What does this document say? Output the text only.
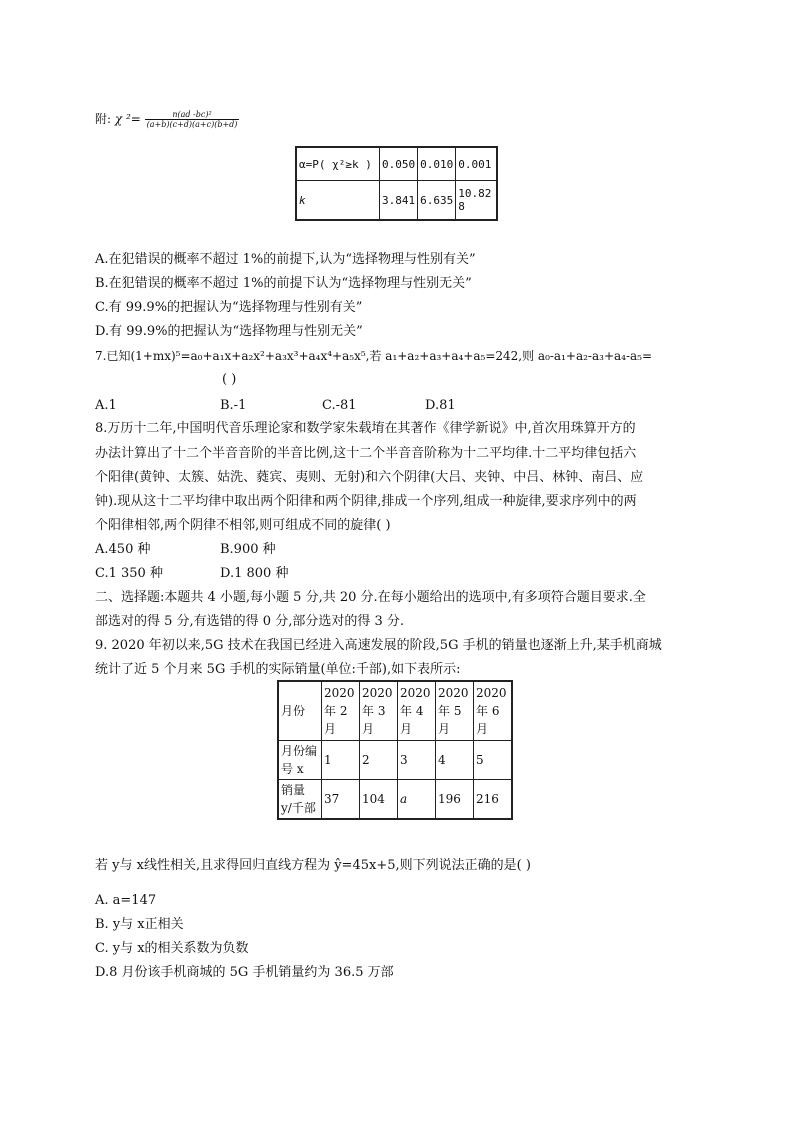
附: χ $^2= \frac{\text{n(ad -bc)²}}{(a+b)(c+d)(a+c)(b+d)}$
α=P( χ²≥k )	0.050	0.010	0.001
k	3.841	6.635	10.828
A.在犯错误的概率不超过 1%的前提下,认为“选择物理与性别有关”
B.在犯错误的概率不超过 1%的前提下认为“选择物理与性别无关”
C.有 99.9%的把握认为“选择物理与性别有关”
D.有 99.9%的把握认为“选择物理与性别无关”
7.已知(1+mx)⁵=a₀+a₁x+a₂x²+a₃x³+a₄x⁴+a₅x⁵,若 a₁+a₂+a₃+a₄+a₅=242,则 a₀-a₁+a₂-a₃+a₄-a₅=
( )
A.1	B.-1	C.-81	D.81
8.万历十二年,中国明代音乐理论家和数学家朱载堉在其著作《律学新说》中,首次用珠算开方的
办法计算出了十二个半音音阶的半音比例,这十二个半音音阶称为十二平均律.十二平均律包括六
个阳律(黄钟、太簇、姑洗、蕤宾、夷则、无射)和六个阴律(大吕、夹钟、中吕、林钟、南吕、应
钟).现从这十二平均律中取出两个阳律和两个阴律,排成一个序列,组成一种旋律,要求序列中的两
个阳律相邻,两个阴律不相邻,则可组成不同的旋律( )
A.450 种	B.900 种
C.1 350 种	D.1 800 种
二、选择题:本题共 4 小题,每小题 5 分,共 20 分.在每小题给出的选项中,有多项符合题目要求.全
部选对的得 5 分,有选错的得 0 分,部分选对的得 3 分.
9. 2020 年初以来,5G 技术在我国已经进入高速发展的阶段,5G 手机的销量也逐渐上升,某手机商城
统计了近 5 个月来 5G 手机的实际销量(单位:千部),如下表所示:
月份	2020 年 2 月	2020 年 3 月	2020 年 4 月	2020 年 5 月	2020 年 6 月
月份编号 x	1	2	3	4	5
销量 y/千部	37	104	a	196	216
若 y与 x线性相关,且求得回归直线方程为 ŷ=45x+5,则下列说法正确的是( )
A. a=147
B. y与 x正相关
C. y与 x的相关系数为负数
D.8 月份该手机商城的 5G 手机销量约为 36.5 万部
